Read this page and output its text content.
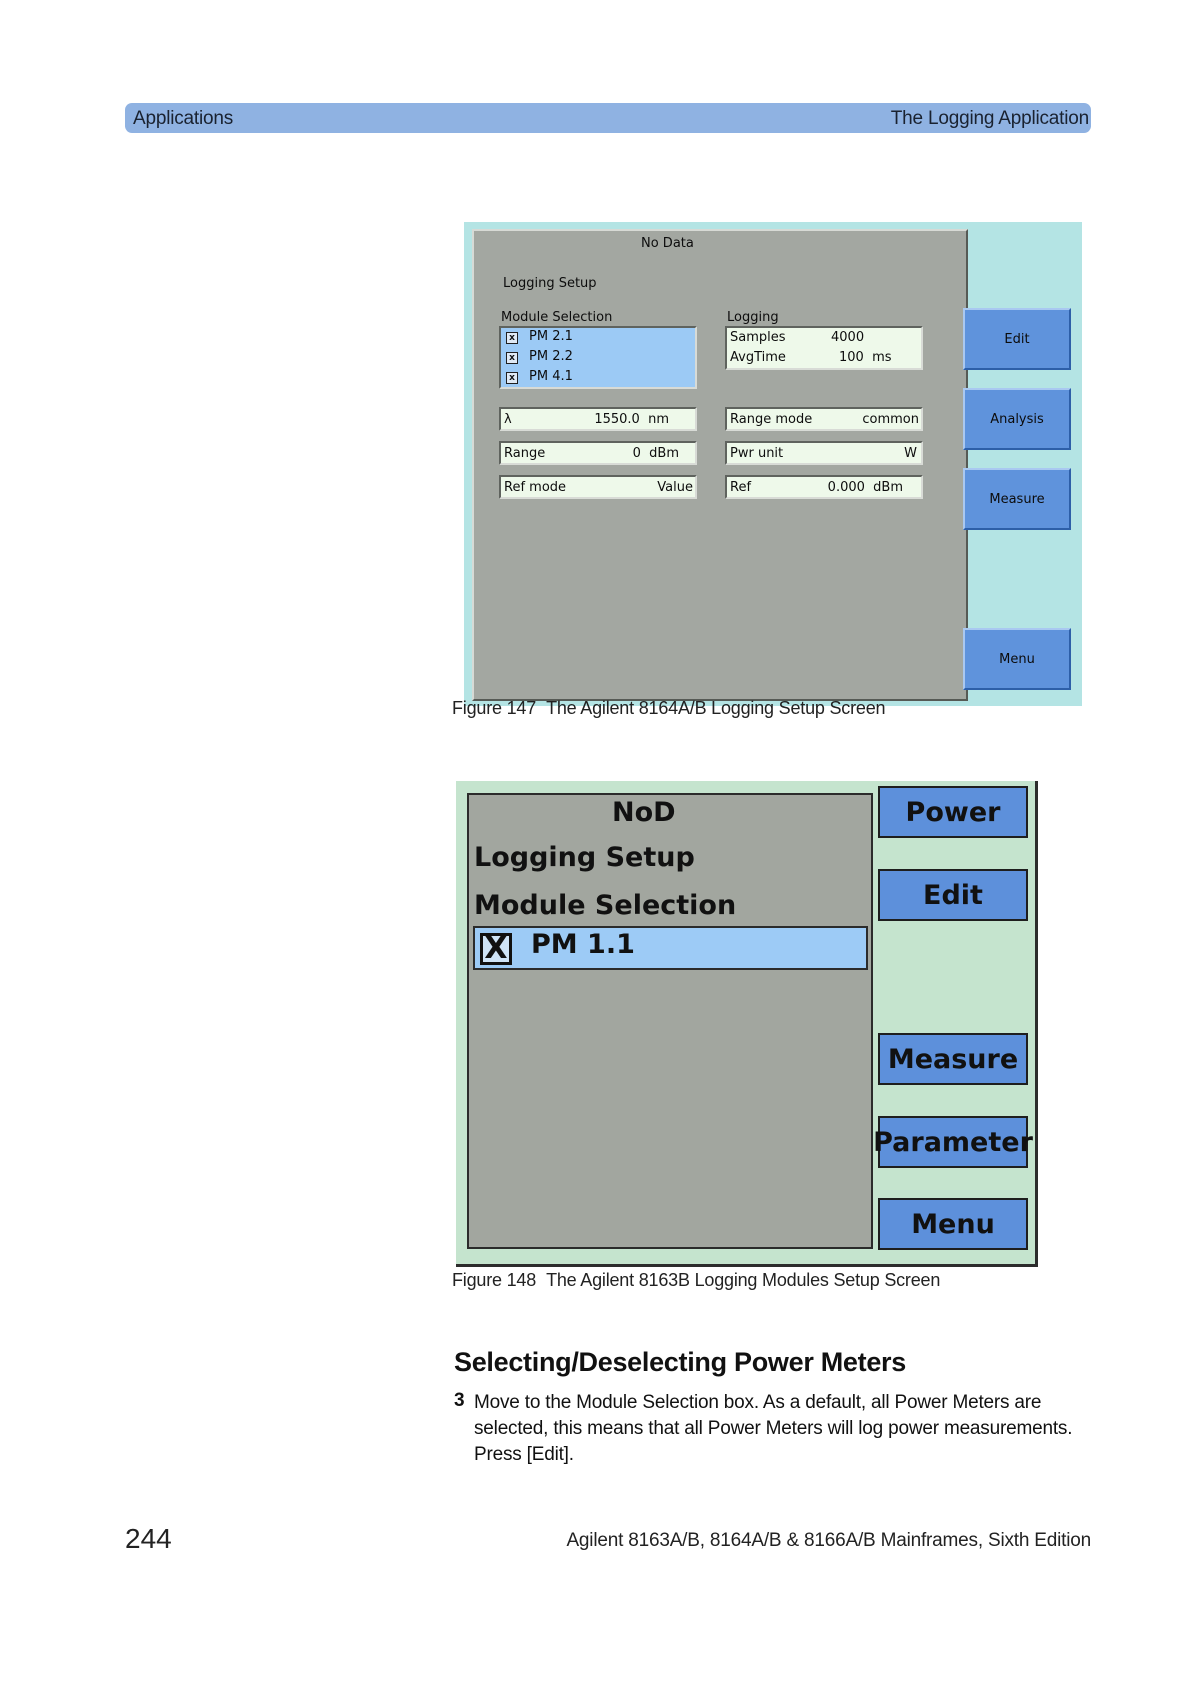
Applications	The Logging Application
No Data
Logging Setup
Module Selection	Logging
x PM 2.1
x PM 2.2
x PM 4.1
Samples	4000
AvgTime	100  ms
λ	1550.0  nm	Range mode	common
Range	0  dBm	Pwr unit	W
Ref mode	Value	Ref	0.000  dBm
Edit
Analysis
Measure
Menu
Figure 147 The Agilent 8164A/B Logging Setup Screen
NoD
Logging Setup
Module Selection
X PM 1.1
Power
Edit
Measure
Parameter
Menu
Figure 148 The Agilent 8163B Logging Modules Setup Screen
Selecting/Deselecting Power Meters
3 Move to the Module Selection box. As a default, all Power Meters are selected, this means that all Power Meters will log power measurements. Press [Edit].
244	Agilent 8163A/B, 8164A/B & 8166A/B Mainframes, Sixth Edition
